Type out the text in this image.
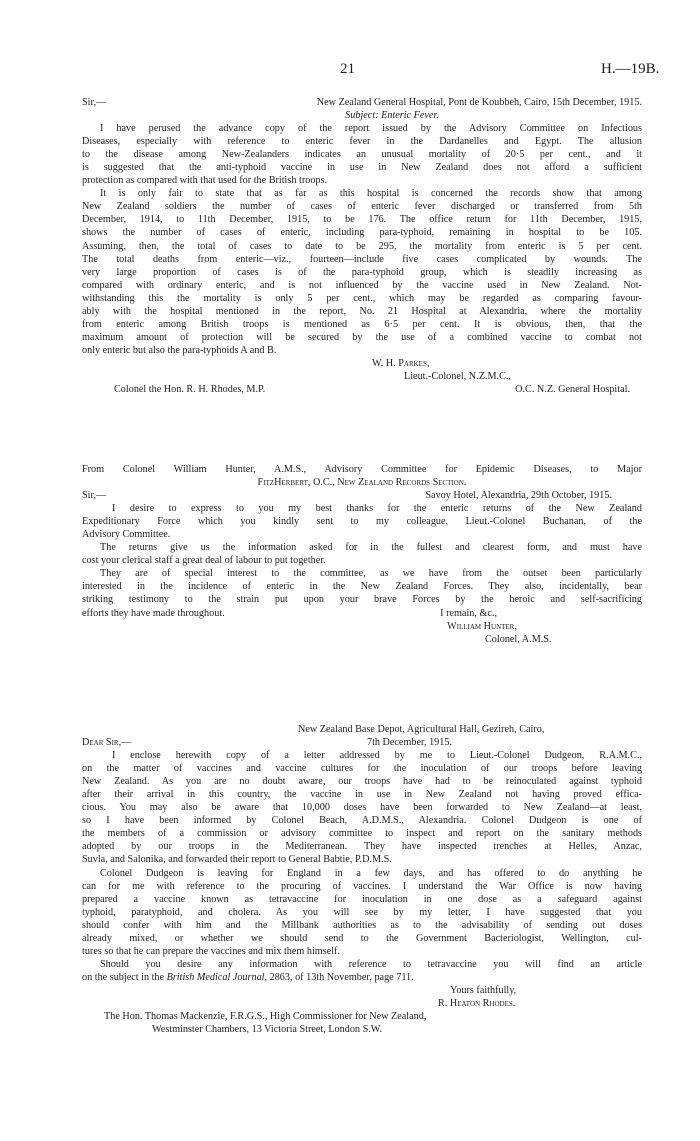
21	H.—19B.
Sir,—	New Zealand General Hospital, Pont de Koubbeh, Cairo, 15th December, 1915.
Subject: Enteric Fever.
I have perused the advance copy of the report issued by the Advisory Committee on Infectious
Diseases, especially with reference to enteric fever in the Dardanelles and Egypt. The allusion
to the disease among New-Zealanders indicates an unusual mortality of 20·5 per cent., and it
is suggested that the anti-typhoid vaccine in use in New Zealand does not afford a sufficient
protection as compared with that used for the British troops.
It is only fair to state that as far as this hospital is concerned the records show that among
New Zealand soldiers the number of cases of enteric fever discharged or transferred from 5th
December, 1914, to 11th December, 1915, to be 176. The office return for 11th December, 1915,
shows the number of cases of enteric, including para-typhoid, remaining in hospital to be 105.
Assuming, then, the total of cases to date to be 295, the mortality from enteric is 5 per cent.
The total deaths from enteric—viz., fourteen—include five cases complicated by wounds. The
very large proportion of cases is of the para-typhoid group, which is steadily increasing as
compared with ordinary enteric, and is not influenced by the vaccine used in New Zealand. Not-
withstanding this the mortality is only 5 per cent., which may be regarded as comparing favour-
ably with the hospital mentioned in the report, No. 21 Hospital at Alexandria, where the mortality
from enteric among British troops is mentioned as 6·5 per cent. It is obvious, then, that the
maximum amount of protection will be secured by the use of a combined vaccine to combat not
only enteric but also the para-typhoids A and B.
W. H. Parkes,
Lieut.-Colonel, N.Z.M.C.,
Colonel the Hon. R. H. Rhodes, M.P.	O.C. N.Z. General Hospital.
From Colonel William Hunter, A.M.S., Advisory Committee for Epidemic Diseases, to Major
FitzHerbert, O.C., New Zealand Records Section.
Sir,—	Savoy Hotel, Alexandria, 29th October, 1915.
I desire to express to you my best thanks for the enteric returns of the New Zealand
Expeditionary Force which you kindly sent to my colleague, Lieut.-Colonel Buchanan, of the
Advisory Committee.
The returns give us the information asked for in the fullest and clearest form, and must have
cost your clerical staff a great deal of labour to put together.
They are of special interest to the committee, as we have from the outset been particularly
interested in the incidence of enteric in the New Zealand Forces. They also, incidentally, bear
striking testimony to the strain put upon your brave Forces by the heroic and self-sacrificing
efforts they have made throughout.	I remain, &c.,
William Hunter,
Colonel, A.M.S.
New Zealand Base Depot, Agricultural Hall, Gezireh, Cairo,
Dear Sir,—	7th December, 1915.
I enclose herewith copy of a letter addressed by me to Lieut.-Colonel Dudgeon, R.A.M.C.,
on the matter of vaccines and vaccine cultures for the inoculation of our troops before leaving
New Zealand. As you are no doubt aware, our troops have had to be reinoculated against typhoid
after their arrival in this country, the vaccine in use in New Zealand not having proved effica-
cious. You may also be aware that 10,000 doses have been forwarded to New Zealand—at least,
so I have been informed by Colonel Beach, A.D.M.S., Alexandria. Colonel Dudgeon is one of
the members of a commission or advisory committee to inspect and report on the sanitary methods
adopted by our troops in the Mediterranean. They have inspected trenches at Helles, Anzac,
Suvla, and Salonika, and forwarded their report to General Babtie, P.D.M.S.
Colonel Dudgeon is leaving for England in a few days, and has offered to do anything he
can for me with reference to the procuring of vaccines. I understand the War Office is now having
prepared a vaccine known as tetravaccine for inoculation in one dose as a safeguard against
typhoid, paratyphoid, and cholera. As you will see by my letter, I have suggested that you
should confer with him and the Millbank authorities as to the advisability of sending out doses
already mixed, or whether we should send to the Government Bacteriologist, Wellington, cul-
tures so that he can prepare the vaccines and mix them himself.
Should you desire any information with reference to tetravaccine you will find an article
on the subject in the British Medical Journal, 2863, of 13th November, page 711.
Yours faithfully,
R. Heaton Rhodes.
The Hon. Thomas Mackenzie, F.R.G.S., High Commissioner for New Zealand,
Westminster Chambers, 13 Victoria Street, London S.W.
